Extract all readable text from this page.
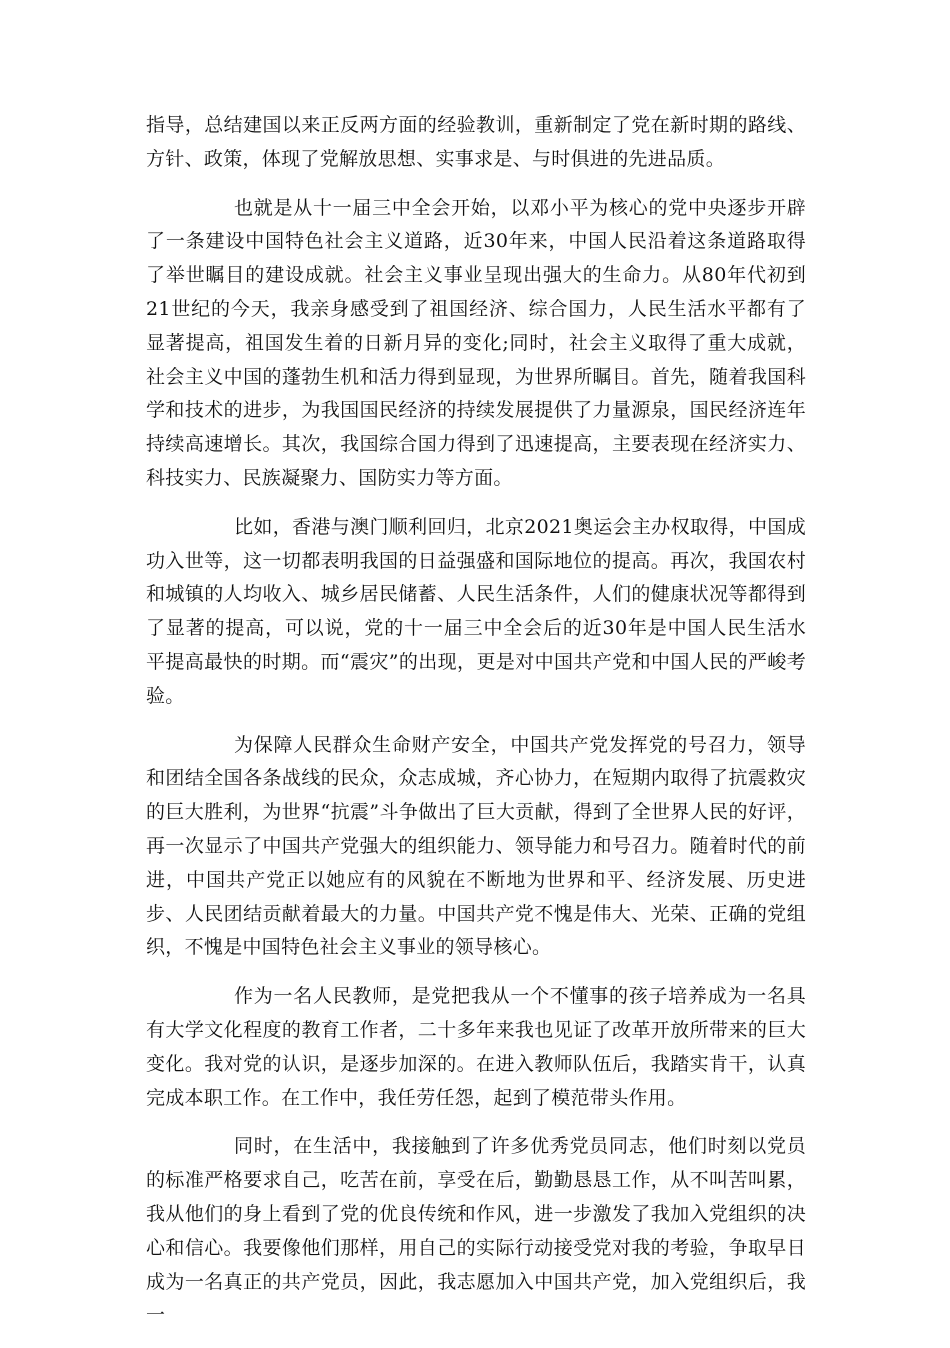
指导，总结建国以来正反两方面的经验教训，重新制定了党在新时期的路线、方针、政策，体现了党解放思想、实事求是、与时俱进的先进品质。

也就是从十一届三中全会开始，以邓小平为核心的党中央逐步开辟了一条建设中国特色社会主义道路，近30年来，中国人民沿着这条道路取得了举世瞩目的建设成就。社会主义事业呈现出强大的生命力。从80年代初到21世纪的今天，我亲身感受到了祖国经济、综合国力，人民生活水平都有了显著提高，祖国发生着的日新月异的变化;同时，社会主义取得了重大成就，社会主义中国的蓬勃生机和活力得到显现，为世界所瞩目。首先，随着我国科学和技术的进步，为我国国民经济的持续发展提供了力量源泉，国民经济连年持续高速增长。其次，我国综合国力得到了迅速提高，主要表现在经济实力、科技实力、民族凝聚力、国防实力等方面。

比如，香港与澳门顺利回归，北京2021奥运会主办权取得，中国成功入世等，这一切都表明我国的日益强盛和国际地位的提高。再次，我国农村和城镇的人均收入、城乡居民储蓄、人民生活条件，人们的健康状况等都得到了显著的提高，可以说，党的十一届三中全会后的近30年是中国人民生活水平提高最快的时期。而“震灾”的出现，更是对中国共产党和中国人民的严峻考验。

为保障人民群众生命财产安全，中国共产党发挥党的号召力，领导和团结全国各条战线的民众，众志成城，齐心协力，在短期内取得了抗震救灾的巨大胜利，为世界“抗震”斗争做出了巨大贡献，得到了全世界人民的好评，再一次显示了中国共产党强大的组织能力、领导能力和号召力。随着时代的前进，中国共产党正以她应有的风貌在不断地为世界和平、经济发展、历史进步、人民团结贡献着最大的力量。中国共产党不愧是伟大、光荣、正确的党组织，不愧是中国特色社会主义事业的领导核心。

作为一名人民教师，是党把我从一个不懂事的孩子培养成为一名具有大学文化程度的教育工作者，二十多年来我也见证了改革开放所带来的巨大变化。我对党的认识，是逐步加深的。在进入教师队伍后，我踏实肯干，认真完成本职工作。在工作中，我任劳任怨，起到了模范带头作用。

同时，在生活中，我接触到了许多优秀党员同志，他们时刻以党员的标准严格要求自己，吃苦在前，享受在后，勤勤恳恳工作，从不叫苦叫累，我从他们的身上看到了党的优良传统和作风，进一步激发了我加入党组织的决心和信心。我要像他们那样，用自己的实际行动接受党对我的考验，争取早日成为一名真正的共产党员，因此，我志愿加入中国共产党，加入党组织后，我一
